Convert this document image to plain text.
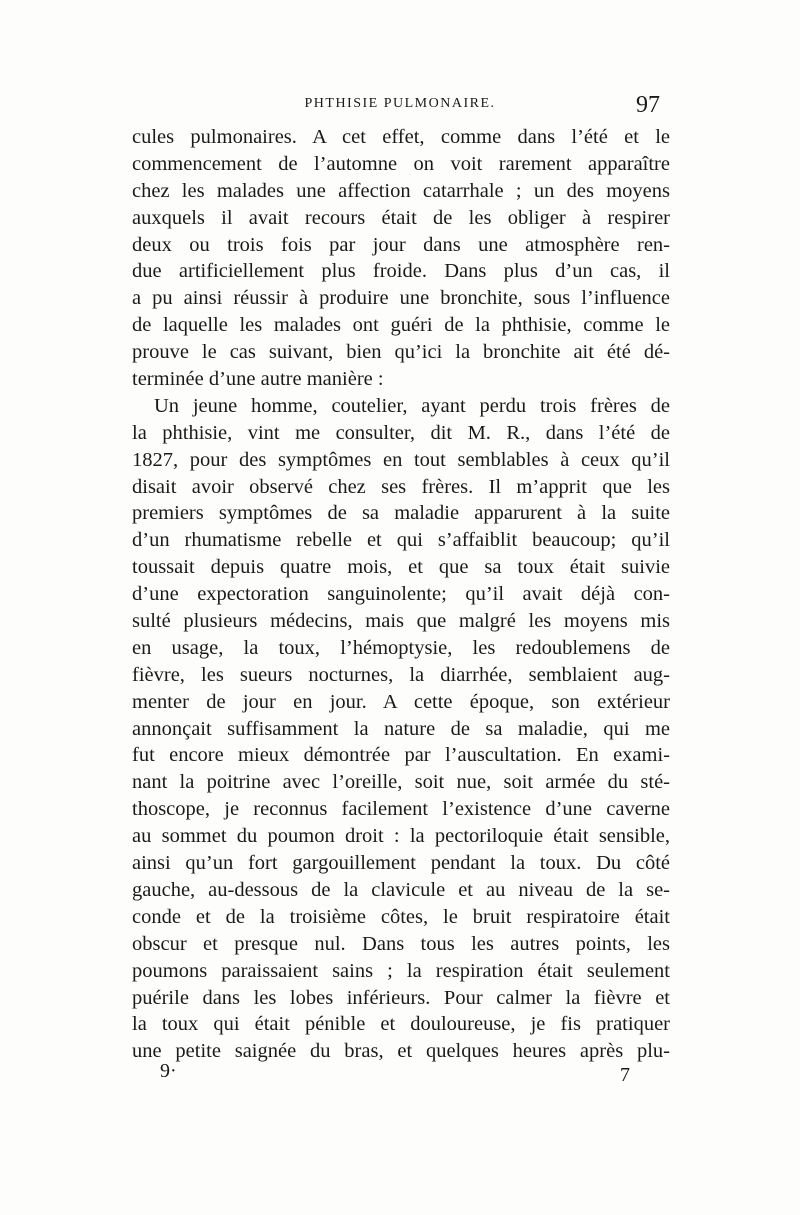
PHTHISIE PULMONAIRE.	97
cules pulmonaires. A cet effet, comme dans l’été et le
commencement de l’automne on voit rarement apparaître
chez les malades une affection catarrhale ; un des moyens
auxquels il avait recours était de les obliger à respirer
deux ou trois fois par jour dans une atmosphère ren-
due artificiellement plus froide. Dans plus d’un cas, il
a pu ainsi réussir à produire une bronchite, sous l’influence
de laquelle les malades ont guéri de la phthisie, comme le
prouve le cas suivant, bien qu’ici la bronchite ait été dé-
terminée d’une autre manière :
Un jeune homme, coutelier, ayant perdu trois frères de
la phthisie, vint me consulter, dit M. R., dans l’été de
1827, pour des symptômes en tout semblables à ceux qu’il
disait avoir observé chez ses frères. Il m’apprit que les
premiers symptômes de sa maladie apparurent à la suite
d’un rhumatisme rebelle et qui s’affaiblit beaucoup; qu’il
toussait depuis quatre mois, et que sa toux était suivie
d’une expectoration sanguinolente; qu’il avait déjà con-
sulté plusieurs médecins, mais que malgré les moyens mis
en usage, la toux, l’hémoptysie, les redoublemens de
fièvre, les sueurs nocturnes, la diarrhée, semblaient aug-
menter de jour en jour. A cette époque, son extérieur
annonçait suffisamment la nature de sa maladie, qui me
fut encore mieux démontrée par l’auscultation. En exami-
nant la poitrine avec l’oreille, soit nue, soit armée du sté-
thoscope, je reconnus facilement l’existence d’une caverne
au sommet du poumon droit : la pectoriloquie était sensible,
ainsi qu’un fort gargouillement pendant la toux. Du côté
gauche, au-dessous de la clavicule et au niveau de la se-
conde et de la troisième côtes, le bruit respiratoire était
obscur et presque nul. Dans tous les autres points, les
poumons paraissaient sains ; la respiration était seulement
puérile dans les lobes inférieurs. Pour calmer la fièvre et
la toux qui était pénible et douloureuse, je fis pratiquer
une petite saignée du bras, et quelques heures après plu-
9·	7
